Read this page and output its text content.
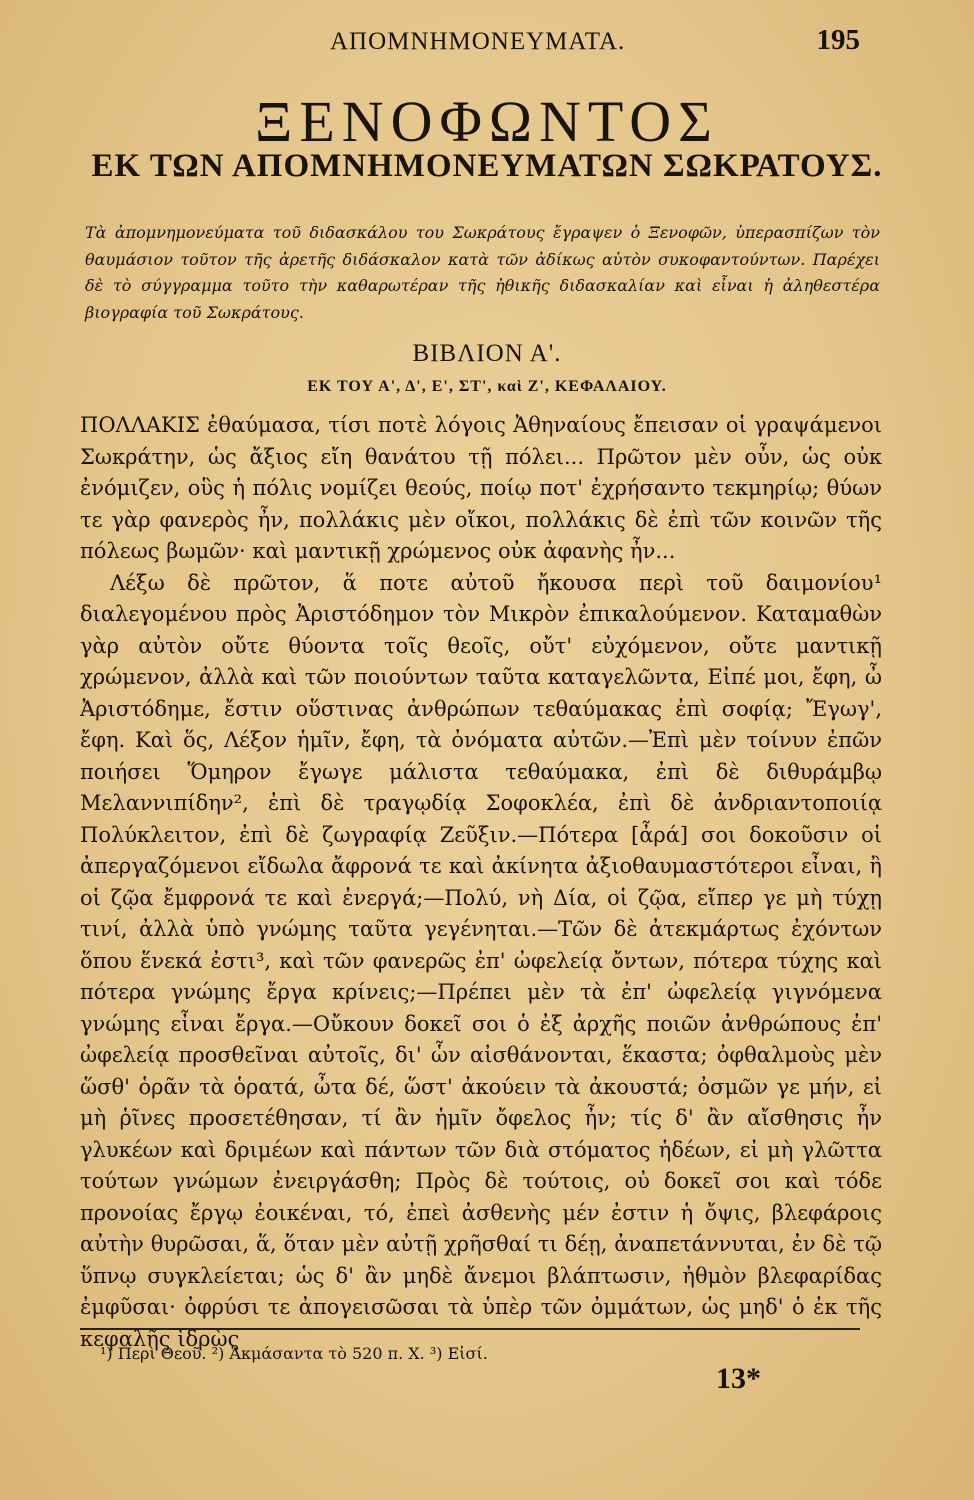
ΑΠΟΜΝΗΜΟΝΕΥΜΑΤΑ.	195
ΞΕΝΟΦΩΝΤΟΣ
ΕΚ ΤΩΝ ΑΠΟΜΝΗΜΟΝΕΥΜΑΤΩΝ ΣΩΚΡΑΤΟΥΣ.
Τὰ ἀπομνημονεύματα τοῦ διδασκάλου του Σωκράτους ἔγραψεν ὁ Ξενοφῶν, ὑπερασπίζων τὸν θαυμάσιον τοῦτον τῆς ἀρετῆς διδάσκαλον κατὰ τῶν ἀδίκως αὐτὸν συκοφαντούντων. Παρέχει δὲ τὸ σύγγραμμα τοῦτο τὴν καθαρωτέραν τῆς ἠθικῆς διδασκαλίαν καὶ εἶναι ἡ ἀληθεστέρα βιογραφία τοῦ Σωκράτους.
ΒΙΒΛΙΟΝ Α'.
ΕΚ ΤΟΥ Α', Δ', Ε', ΣΤ', καὶ Ζ', ΚΕΦΑΛΑΙΟΥ.

ΠΟΛΛΑΚΙΣ ἐθαύμασα, τίσι ποτὲ λόγοις Ἀθηναίους ἔπεισαν οἱ γραψάμενοι Σωκράτην, ὡς ἄξιος εἴη θανάτου τῇ πόλει... Πρῶτον μὲν οὖν, ὡς οὐκ ἐνόμιζεν, οὓς ἡ πόλις νομίζει θεούς, ποίῳ ποτ' ἐχρήσαντο τεκμηρίῳ; θύων τε γὰρ φανερὸς ἦν, πολλάκις μὲν οἴκοι, πολλάκις δὲ ἐπὶ τῶν κοινῶν τῆς πόλεως βωμῶν· καὶ μαντικῇ χρώμενος οὐκ ἀφανὴς ἦν...

Λέξω δὲ πρῶτον, ἅ ποτε αὐτοῦ ἤκουσα περὶ τοῦ δαιμονίου¹ διαλεγομένου πρὸς Ἀριστόδημον τὸν Μικρὸν ἐπικαλούμενον. Καταμαθὼν γὰρ αὐτὸν οὔτε θύοντα τοῖς θεοῖς, οὔτ' εὐχόμενον, οὔτε μαντικῇ χρώμενον, ἀλλὰ καὶ τῶν ποιούντων ταῦτα καταγελῶντα, Εἰπέ μοι, ἔφη, ὦ Ἀριστόδημε, ἔστιν οὕστινας ἀνθρώπων τεθαύμακας ἐπὶ σοφίᾳ; Ἔγωγ', ἔφη. Καὶ ὅς, Λέξον ἡμῖν, ἔφη, τὰ ὀνόματα αὐτῶν.—Ἐπὶ μὲν τοίνυν ἐπῶν ποιήσει Ὅμηρον ἔγωγε μάλιστα τεθαύμακα, ἐπὶ δὲ διθυράμβῳ Μελαννιπίδην², ἐπὶ δὲ τραγῳδίᾳ Σοφοκλέα, ἐπὶ δὲ ἀνδριαντοποιίᾳ Πολύκλειτον, ἐπὶ δὲ ζωγραφίᾳ Ζεῦξιν.—Πότερα [ἆρά] σοι δοκοῦσιν οἱ ἀπεργαζόμενοι εἴδωλα ἄφρονά τε καὶ ἀκίνητα ἀξιοθαυμαστότεροι εἶναι, ἢ οἱ ζῷα ἔμφρονά τε καὶ ἐνεργά;—Πολύ, νὴ Δία, οἱ ζῷα, εἴπερ γε μὴ τύχῃ τινί, ἀλλὰ ὑπὸ γνώμης ταῦτα γεγένηται.—Τῶν δὲ ἀτεκμάρτως ἐχόντων ὅπου ἕνεκά ἐστι³, καὶ τῶν φανερῶς ἐπ' ὠφελείᾳ ὄντων, πότερα τύχης καὶ πότερα γνώμης ἔργα κρίνεις;—Πρέπει μὲν τὰ ἐπ' ὠφελείᾳ γιγνόμενα γνώμης εἶναι ἔργα.—Οὔκουν δοκεῖ σοι ὁ ἐξ ἀρχῆς ποιῶν ἀνθρώπους ἐπ' ὠφελείᾳ προσθεῖναι αὐτοῖς, δι' ὧν αἰσθάνονται, ἕκαστα; ὀφθαλμοὺς μὲν ὥσθ' ὁρᾶν τὰ ὁρατά, ὦτα δέ, ὥστ' ἀκούειν τὰ ἀκουστά; ὀσμῶν γε μήν, εἰ μὴ ῥῖνες προσετέθησαν, τί ἂν ἡμῖν ὄφελος ἦν; τίς δ' ἂν αἴσθησις ἦν γλυκέων καὶ δριμέων καὶ πάντων τῶν διὰ στόματος ἡδέων, εἰ μὴ γλῶττα τούτων γνώμων ἐνειργάσθη; Πρὸς δὲ τούτοις, οὐ δοκεῖ σοι καὶ τόδε προνοίας ἔργῳ ἐοικέναι, τό, ἐπεὶ ἀσθενὴς μέν ἐστιν ἡ ὄψις, βλεφάροις αὐτὴν θυρῶσαι, ἅ, ὅταν μὲν αὐτῇ χρῆσθαί τι δέῃ, ἀναπετάννυται, ἐν δὲ τῷ ὕπνῳ συγκλείεται; ὡς δ' ἂν μηδὲ ἄνεμοι βλάπτωσιν, ἠθμὸν βλεφαρίδας ἐμφῦσαι· ὀφρύσι τε ἀπογεισῶσαι τὰ ὑπὲρ τῶν ὀμμάτων, ὡς μηδ' ὁ ἐκ τῆς κεφαλῆς ἱδρὼς

¹) Περὶ Θεοῦ. ²) Ἀκμάσαντα τὸ 520 π. Χ. ³) Εἰσί.
13*
